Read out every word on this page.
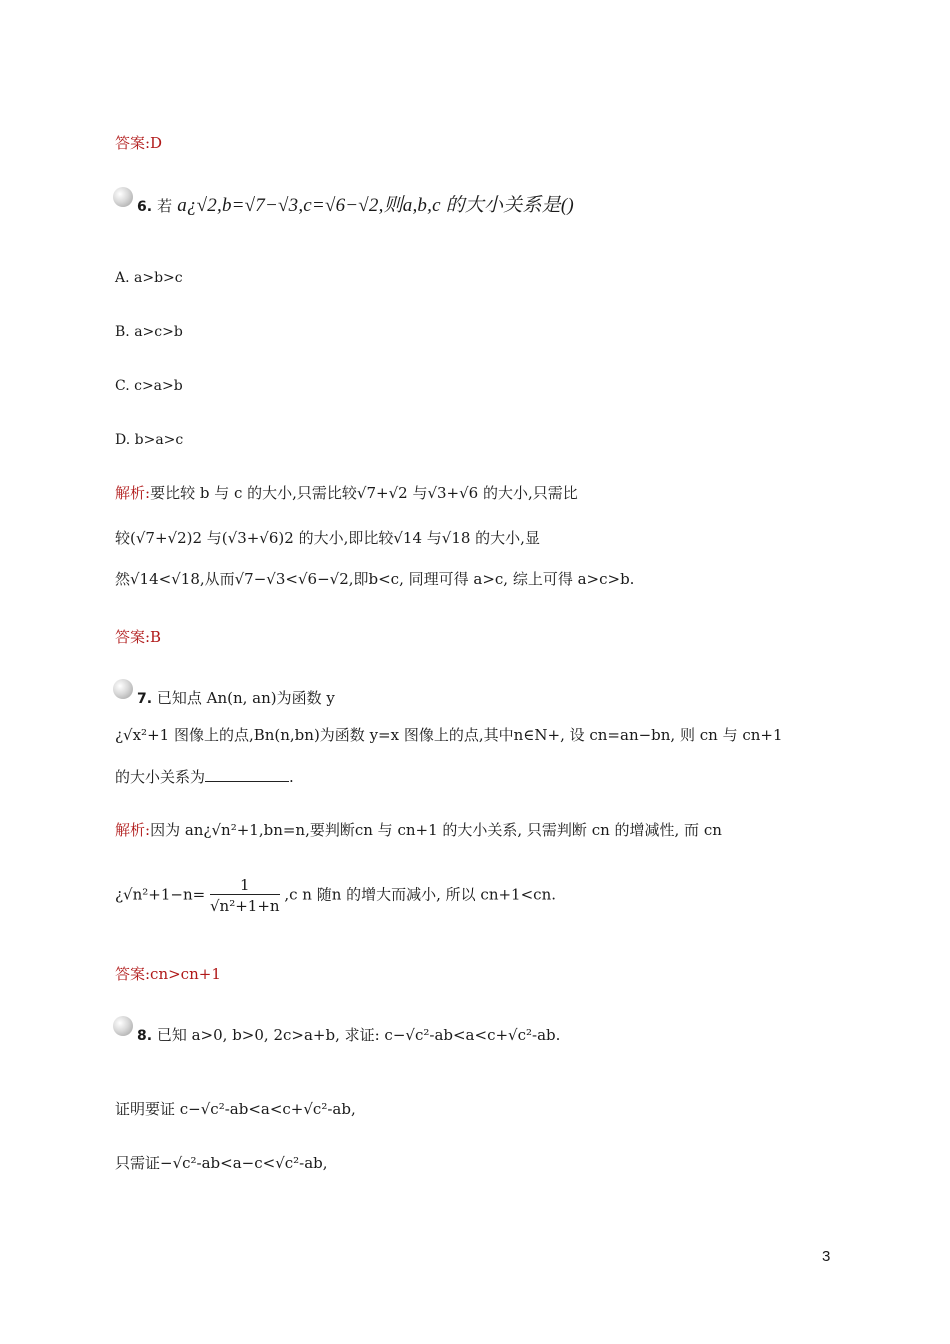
答案:D
6. 若 a¿√2,b=√7−√3,c=√6−√2,则a,b,c 的大小关系是()
A. a>b>c
B. a>c>b
C. c>a>b
D. b>a>c
解析:要比较 b 与 c 的大小,只需比较√7+√2 与√3+√6 的大小,只需比
较(√7+√2)2 与(√3+√6)2 的大小,即比较√14 与√18 的大小,显
然√14<√18,从而√7−√3<√6−√2,即b<c, 同理可得 a>c, 综上可得 a>c>b.
答案:B
7. 已知点 An(n, an)为函数 y
¿√x²+1 图像上的点,Bn(n,bn)为函数 y=x 图像上的点,其中n∈N+, 设 cn=an−bn, 则 cn 与 cn+1
的大小关系为	.
解析:因为 an¿√n²+1,bn=n,要判断cn 与 cn+1 的大小关系, 只需判断 cn 的增减性, 而 cn
¿$√n^2+1-n= \frac{1}{\text{√n²+1+n}} ,c$ n 随n 的增大而减小, 所以 cn+1<cn.
答案:cn>cn+1
8. 已知 a>0, b>0, 2c>a+b, 求证: c−√c²-ab<a<c+√c²-ab.
证明要证 c−√c²-ab<a<c+√c²-ab,
只需证−√c²-ab<a−c<√c²-ab,
3
